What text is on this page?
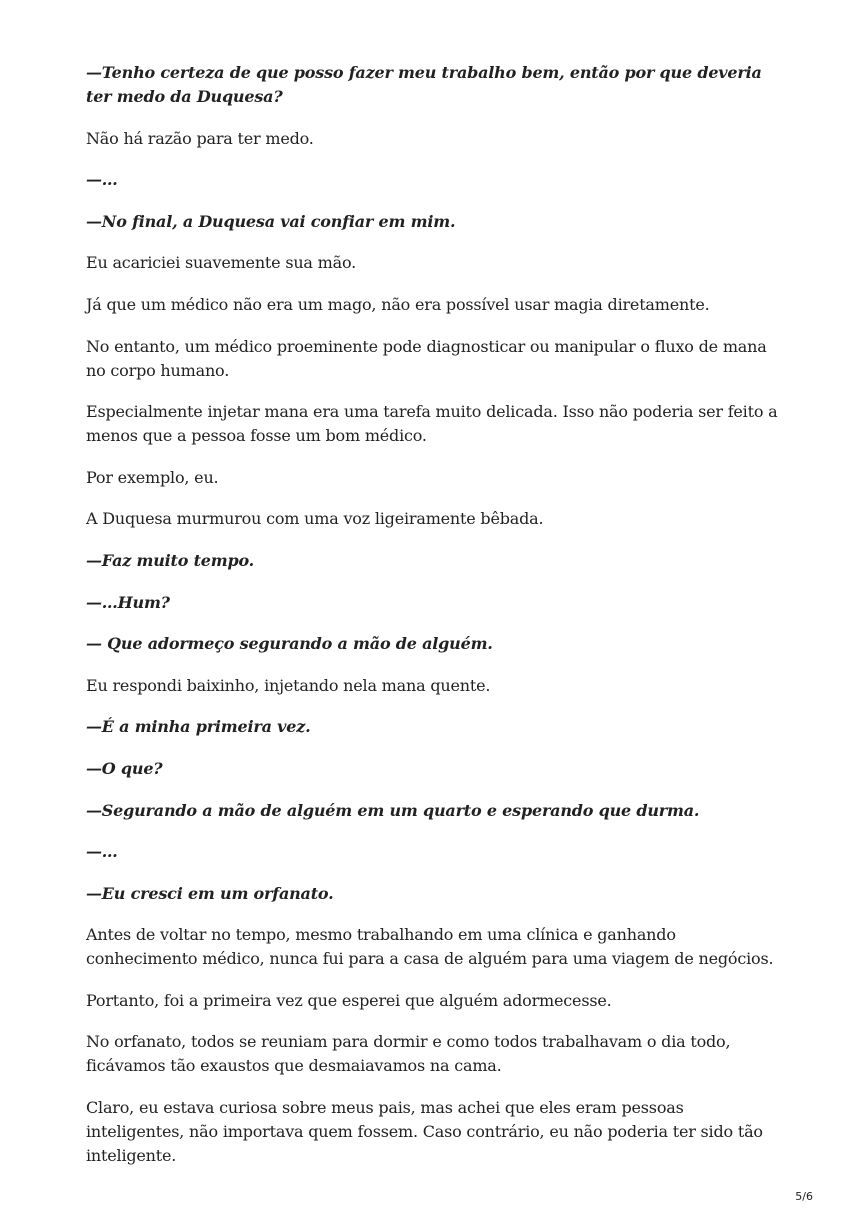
—Tenho certeza de que posso fazer meu trabalho bem, então por que deveria ter medo da Duquesa?

Não há razão para ter medo.

—…

—No final, a Duquesa vai confiar em mim.

Eu acariciei suavemente sua mão.

Já que um médico não era um mago, não era possível usar magia diretamente.

No entanto, um médico proeminente pode diagnosticar ou manipular o fluxo de mana no corpo humano.

Especialmente injetar mana era uma tarefa muito delicada. Isso não poderia ser feito a menos que a pessoa fosse um bom médico.

Por exemplo, eu.

A Duquesa murmurou com uma voz ligeiramente bêbada.

—Faz muito tempo.

—…Hum?

— Que adormeço segurando a mão de alguém.

Eu respondi baixinho, injetando nela mana quente.

—É a minha primeira vez.

—O que?

—Segurando a mão de alguém em um quarto e esperando que durma.

—…

—Eu cresci em um orfanato.

Antes de voltar no tempo, mesmo trabalhando em uma clínica e ganhando conhecimento médico, nunca fui para a casa de alguém para uma viagem de negócios.

Portanto, foi a primeira vez que esperei que alguém adormecesse.

No orfanato, todos se reuniam para dormir e como todos trabalhavam o dia todo, ficávamos tão exaustos que desmaiavamos na cama.

Claro, eu estava curiosa sobre meus pais, mas achei que eles eram pessoas inteligentes, não importava quem fossem. Caso contrário, eu não poderia ter sido tão inteligente.

5/6
